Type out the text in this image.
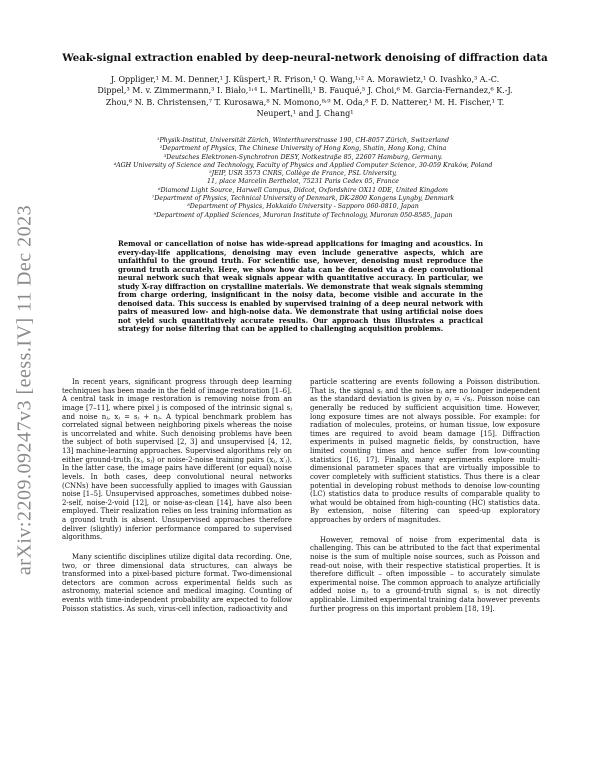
arXiv:2209.09247v3 [eess.IV] 11 Dec 2023
Weak-signal extraction enabled by deep-neural-network denoising of diffraction data
J. Oppliger,¹ M. M. Denner,¹ J. Küspert,¹ R. Frison,¹ Q. Wang,¹˒² A. Morawietz,¹ O. Ivashko,³ A.-C. Dippel,³ M. v. Zimmermann,³ I. Biało,¹˒⁴ L. Martinelli,¹ B. Fauqué,⁵ J. Choi,⁶ M. Garcia-Fernandez,⁶ K.-J. Zhou,⁶ N. B. Christensen,⁷ T. Kurosawa,⁸ N. Momono,⁸˒⁹ M. Oda,⁸ F. D. Natterer,¹ M. H. Fischer,¹ T. Neupert,¹ and J. Chang¹
¹Physik-Institut, Universität Zürich, Winterthurerstrasse 190, CH-8057 Zürich, Switzerland
²Department of Physics, The Chinese University of Hong Kong, Shatin, Hong Kong, China
³Deutsches Elektronen-Synchrotron DESY, Notkestraße 85, 22607 Hamburg, Germany.
⁴AGH University of Science and Technology, Faculty of Physics and Applied Computer Science, 30-059 Kraków, Poland
⁵JEIP, USR 3573 CNRS, Collège de France, PSL University,
11, place Marcelin Berthelot, 75231 Paris Cedex 05, France
⁶Diamond Light Source, Harwell Campus, Didcot, Oxfordshire OX11 0DE, United Kingdom
⁷Department of Physics, Technical University of Denmark, DK-2800 Kongens Lyngby, Denmark
⁸Department of Physics, Hokkaido University - Sapporo 060-0810, Japan
⁹Department of Applied Sciences, Muroran Institute of Technology, Muroran 050-8585, Japan
Removal or cancellation of noise has wide-spread applications for imaging and acoustics. In every-day-life applications, denoising may even include generative aspects, which are unfaithful to the ground truth. For scientific use, however, denoising must reproduce the ground truth accurately. Here, we show how data can be denoised via a deep convolutional neural network such that weak signals appear with quantitative accuracy. In particular, we study X-ray diffraction on crystalline materials. We demonstrate that weak signals stemming from charge ordering, insignificant in the noisy data, become visible and accurate in the denoised data. This success is enabled by supervised training of a deep neural network with pairs of measured low- and high-noise data. We demonstrate that using artificial noise does not yield such quantitatively accurate results. Our approach thus illustrates a practical strategy for noise filtering that can be applied to challenging acquisition problems.

In recent years, significant progress through deep learning techniques has been made in the field of image restoration [1–6]. A central task in image restoration is removing noise from an image [7–11], where pixel j is composed of the intrinsic signal sⱼ and noise nⱼ, xⱼ = sⱼ + nⱼ. A typical benchmark problem has correlated signal between neighboring pixels whereas the noise is uncorrelated and white. Such denoising problems have been the subject of both supervised [2, 3] and unsupervised [4, 12, 13] machine-learning approaches. Supervised algorithms rely on either ground-truth (xⱼ, sⱼ) or noise-2-noise training pairs (xⱼ, x′ⱼ). In the latter case, the image pairs have different (or equal) noise levels. In both cases, deep convolutional neural networks (CNNs) have been successfully applied to images with Gaussian noise [1–5]. Unsupervised approaches, sometimes dubbed noise-2-self, noise-2-void [12], or noise-as-clean [14], have also been employed. Their realization relies on less training information as a ground truth is absent. Unsupervised approaches therefore deliver (slightly) inferior performance compared to supervised algorithms.

Many scientific disciplines utilize digital data recording. One, two, or three dimensional data structures, can always be transformed into a pixel-based picture format. Two-dimensional detectors are common across experimental fields such as astronomy, material science and medical imaging. Counting of events with time-independent probability are expected to follow Poisson statistics. As such, virus-cell infection, radioactivity and

particle scattering are events following a Poisson distribution. That is, the signal sⱼ and the noise nⱼ are no longer independent as the standard deviation is given by σⱼ = √sⱼ. Poisson noise can generally be reduced by sufficient acquisition time. However, long exposure times are not always possible. For example: for radiation of molecules, proteins, or human tissue, low exposure times are required to avoid beam damage [15]. Diffraction experiments in pulsed magnetic fields, by construction, have limited counting times and hence suffer from low-counting statistics [16, 17]. Finally, many experiments explore multi-dimensional parameter spaces that are virtually impossible to cover completely with sufficient statistics. Thus there is a clear potential in developing robust methods to denoise low-counting (LC) statistics data to produce results of comparable quality to what would be obtained from high-counting (HC) statistics data. By extension, noise filtering can speed-up exploratory approaches by orders of magnitudes.

However, removal of noise from experimental data is challenging. This can be attributed to the fact that experimental noise is the sum of multiple noise sources, such as Poisson and read-out noise, with their respective statistical properties. It is therefore difficult – often impossible – to accurately simulate experimental noise. The common approach to analyze artificially added noise nⱼ to a ground-truth signal sⱼ is not directly applicable. Limited experimental training data however prevents further progress on this important problem [18, 19].
